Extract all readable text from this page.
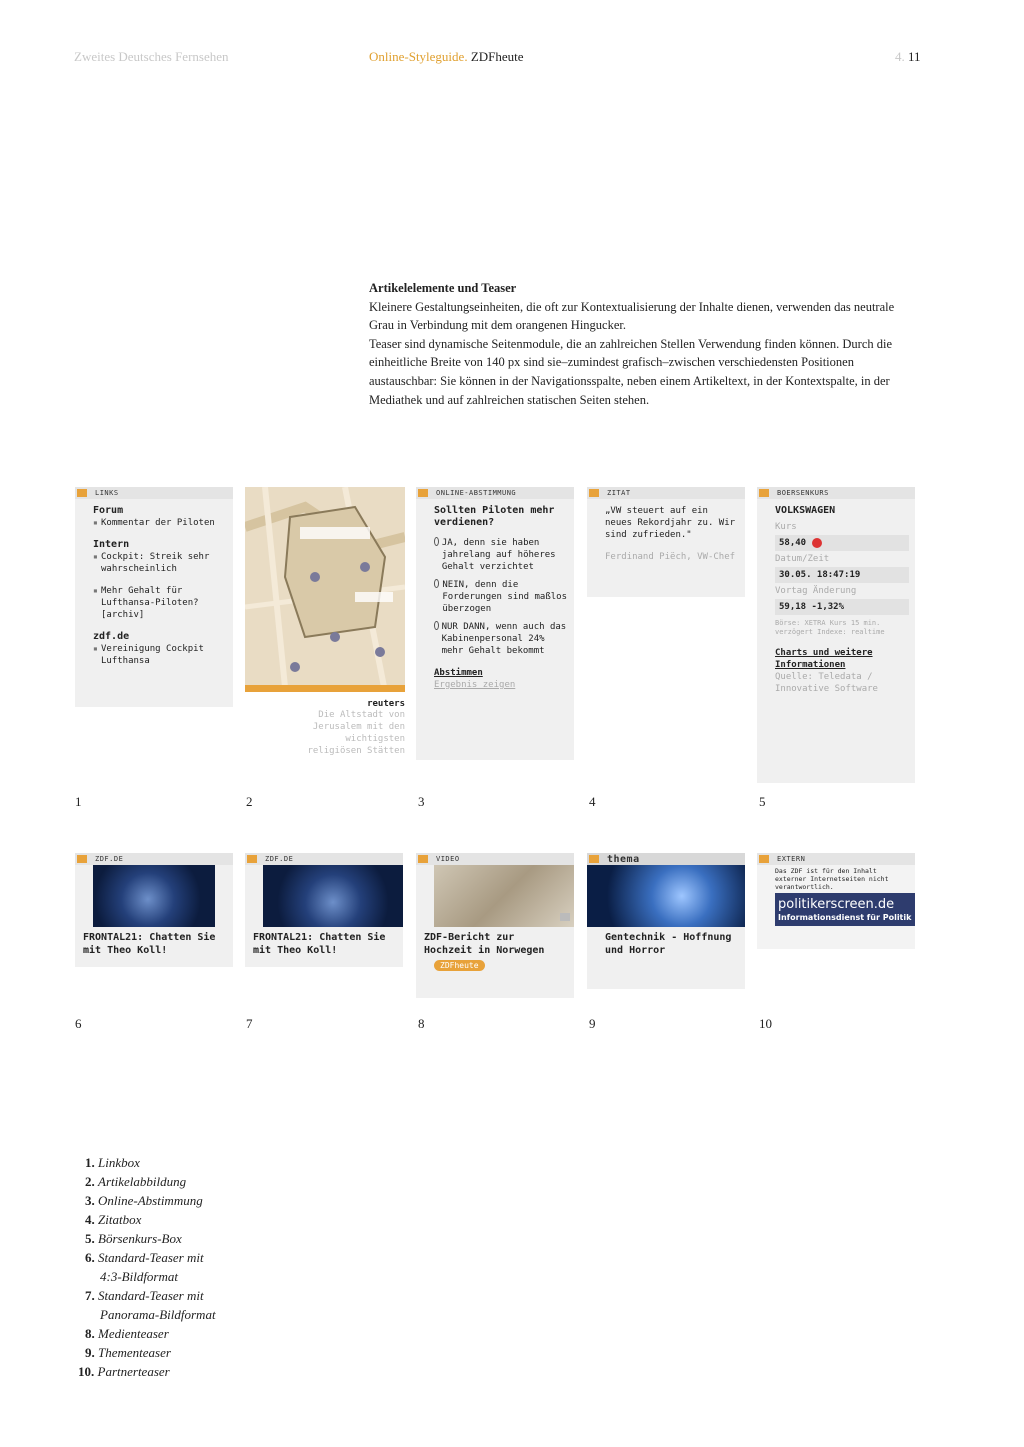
Zweites Deutsches Fernsehen	Online-Styleguide. ZDFheute	4. 11
Artikelelemente und Teaser

Kleinere Gestaltungseinheiten, die oft zur Kontextualisierung der Inhalte dienen, verwenden das neutrale Grau in Verbindung mit dem orangenen Hingucker.

Teaser sind dynamische Seitenmodule, die an zahlreichen Stellen Verwendung finden können. Durch die einheitliche Breite von 140 px sind sie–zumindest grafisch–zwischen verschiedensten Positionen austauschbar: Sie können in der Navigationsspalte, neben einem Artikeltext, in der Kontextspalte, in der Mediathek und auf zahlreichen statischen Seiten stehen.

LINKS
Forum
▪ Kommentar der Piloten
Intern
▪ Cockpit: Streik sehr wahrscheinlich
▪ Mehr Gehalt für Lufthansa-Piloten? [archiv]
zdf.de
▪ Vereinigung Cockpit Lufthansa
reuters
Die Altstadt von Jerusalem mit den wichtigsten religiösen Stätten
ONLINE-ABSTIMMUNG
Sollten Piloten mehr verdienen?
JA, denn sie haben jahrelang auf höheres Gehalt verzichtet
NEIN, denn die Forderungen sind maßlos überzogen
NUR DANN, wenn auch das Kabinenpersonal 24% mehr Gehalt bekommt
Abstimmen
Ergebnis zeigen
ZITAT
„VW steuert auf ein neues Rekordjahr zu. Wir sind zufrieden."
Ferdinand Piëch, VW-Chef
BOERSENKURS
VOLKSWAGEN
Kurs
58,40
Datum/Zeit
30.05. 18:47:19
Vortag Änderung
59,18 -1,32%
Börse: XETRA Kurs 15 min. verzögert Indexe: realtime
Charts und weitere Informationen
Quelle: Teledata / Innovative Software
1	2	3	4	5
ZDF.DE
FRONTAL21: Chatten Sie mit Theo Koll!
ZDF.DE
FRONTAL21: Chatten Sie mit Theo Koll!
VIDEO
ZDF-Bericht zur Hochzeit in Norwegen
ZDFheute
thema
Gentechnik - Hoffnung und Horror
EXTERN
Das ZDF ist für den Inhalt externer Internetseiten nicht verantwortlich.
politikerscreen.de
Informationsdienst für Politik
6	7	8	9	10
1. Linkbox
2. Artikelabbildung
3. Online-Abstimmung
4. Zitatbox
5. Börsenkurs-Box
6. Standard-Teaser mit
4:3-Bildformat
7. Standard-Teaser mit
Panorama-Bildformat
8. Medienteaser
9. Thementeaser
10. Partnerteaser
